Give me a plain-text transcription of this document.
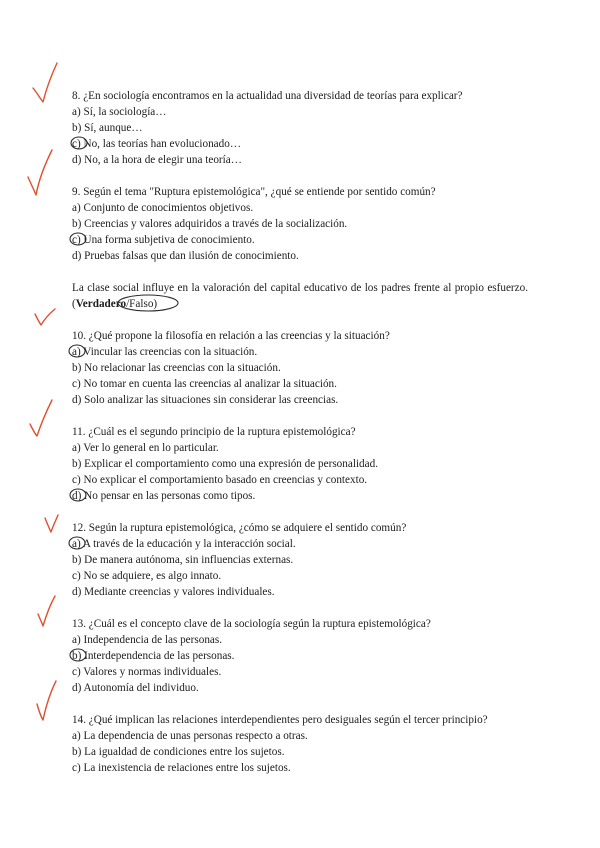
8. ¿En sociología encontramos en la actualidad una diversidad de teorías para explicar?
a) Sí, la sociología…
b) Sí, aunque…
c) No, las teorías han evolucionado…
d) No, a la hora de elegir una teoría…
9. Según el tema "Ruptura epistemológica", ¿qué se entiende por sentido común?
a) Conjunto de conocimientos objetivos.
b) Creencias y valores adquiridos a través de la socialización.
c) Una forma subjetiva de conocimiento.
d) Pruebas falsas que dan ilusión de conocimiento.
La clase social influye en la valoración del capital educativo de los padres frente al propio esfuerzo. (Verdadero/Falso)
10. ¿Qué propone la filosofía en relación a las creencias y la situación?
a) Vincular las creencias con la situación.
b) No relacionar las creencias con la situación.
c) No tomar en cuenta las creencias al analizar la situación.
d) Solo analizar las situaciones sin considerar las creencias.
11. ¿Cuál es el segundo principio de la ruptura epistemológica?
a) Ver lo general en lo particular.
b) Explicar el comportamiento como una expresión de personalidad.
c) No explicar el comportamiento basado en creencias y contexto.
d) No pensar en las personas como tipos.
12. Según la ruptura epistemológica, ¿cómo se adquiere el sentido común?
a) A través de la educación y la interacción social.
b) De manera autónoma, sin influencias externas.
c) No se adquiere, es algo innato.
d) Mediante creencias y valores individuales.
13. ¿Cuál es el concepto clave de la sociología según la ruptura epistemológica?
a) Independencia de las personas.
b) Interdependencia de las personas.
c) Valores y normas individuales.
d) Autonomía del individuo.
14. ¿Qué implican las relaciones interdependientes pero desiguales según el tercer principio?
a) La dependencia de unas personas respecto a otras.
b) La igualdad de condiciones entre los sujetos.
c) La inexistencia de relaciones entre los sujetos.
